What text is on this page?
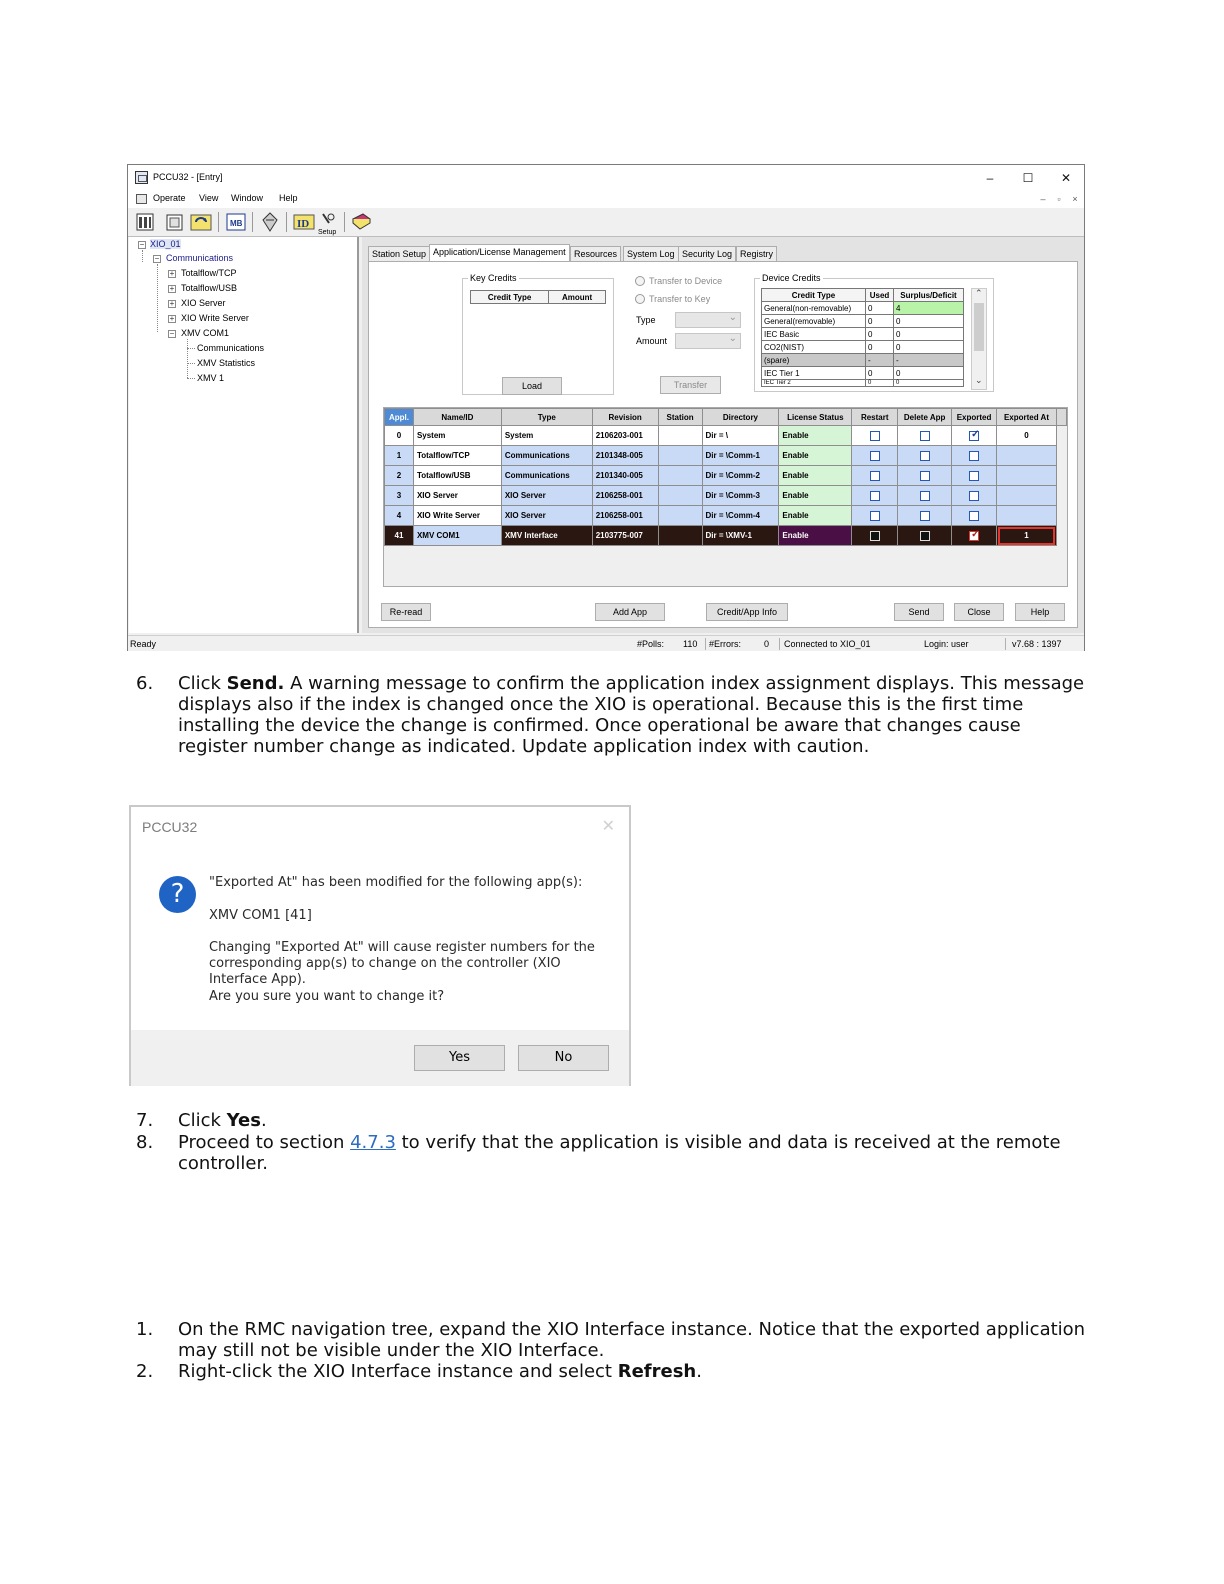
PCCU32 - [Entry]	–	☐	✕
Operate View Window Help	–	▫	×
MB	ID
Setup
− XIO_01
− Communications
+ Totalflow/TCP
+ Totalflow/USB
+ XIO Server
+ XIO Write Server
− XMV COM1
Communications
XMV Statistics
XMV 1
Station Setup Application/License Management Resources	System Log Security Log Registry
Key Credits
Credit Type	Amount
Load
Transfer to Device
Transfer to Key
Type
⌄
Amount
⌄
Transfer
Device Credits
Credit Type	Used	Surplus/Deficit
General(non-removable)	0	4
General(removable)	0	0
IEC Basic	0	0
CO2(NIST)	0	0
(spare)	-	-
IEC Tier 1	0	0
IEC Tier 2	0	0
⌃
⌄
Appl.	Name/ID	Type	Revision	Station	Directory	License Status	Restart	Delete App	Exported	Exported At	
0	System	System	2106203-001		Dir = \	Enable			✓	0	
1	Totalflow/TCP	Communications	2101348-005		Dir = \Comm-1	Enable					
2	Totalflow/USB	Communications	2101340-005		Dir = \Comm-2	Enable					
3	XIO Server	XIO Server	2106258-001		Dir = \Comm-3	Enable					
4	XIO Write Server	XIO Server	2106258-001		Dir = \Comm-4	Enable					
41	XMV COM1	XMV Interface	2103775-007		Dir = \XMV-1	Enable			✓	1	
Re-read	Add App	Credit/App Info	Send	Close	Help
Ready	#Polls: 110 #Errors:	0 Connected to XIO_01	Login: user	v7.68 : 1397
6. Click Send. A warning message to confirm the application index assignment displays. This message displays also if the index is changed once the XIO is operational. Because this is the first time installing the device the change is confirmed. Once operational be aware that changes cause register number change as indicated. Update application index with caution.

PCCU32	✕
?	"Exported At" has been modified for the following app(s):
XMV COM1 [41]
Changing "Exported At" will cause register numbers for the corresponding app(s) to change on the controller (XIO Interface App).
Are you sure you want to change it?
Yes	No
7. Click Yes.

8. Proceed to section 4.7.3 to verify that the application is visible and data is received at the remote controller.

1. On the RMC navigation tree, expand the XIO Interface instance. Notice that the exported application may still not be visible under the XIO Interface.

2. Right-click the XIO Interface instance and select Refresh.
